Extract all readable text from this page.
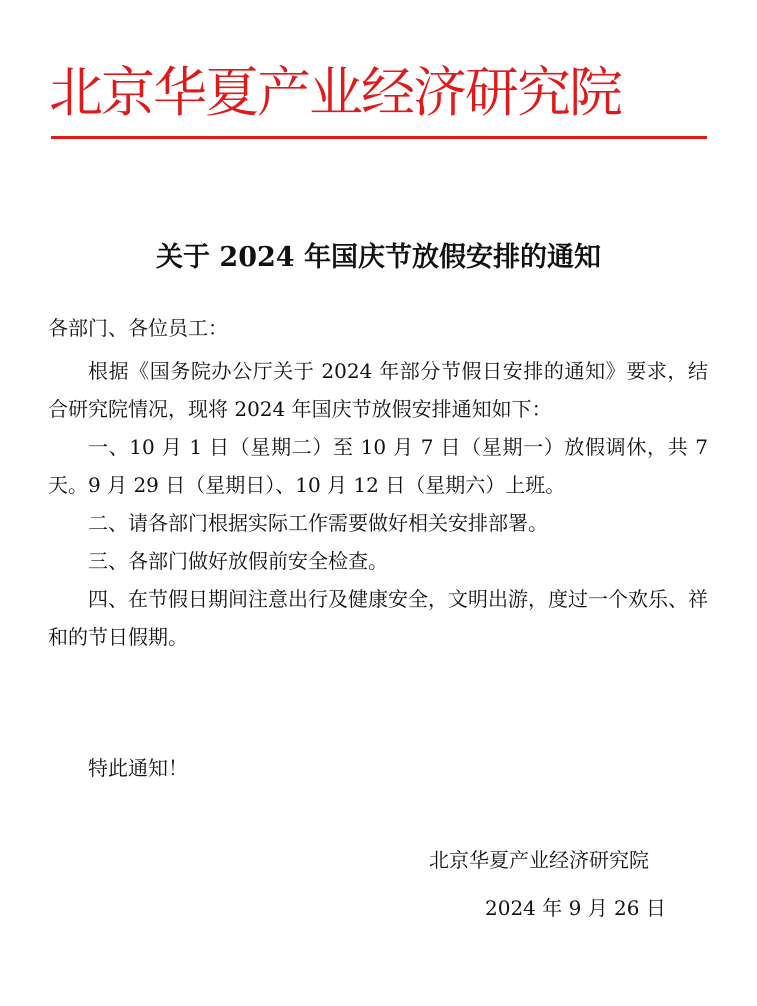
北京华夏产业经济研究院
关于 2024 年国庆节放假安排的通知
各部门、各位员工：

根据《国务院办公厅关于 2024 年部分节假日安排的通知》要求，结合研究院情况，现将 2024 年国庆节放假安排通知如下：

一、10 月 1 日（星期二）至 10 月 7 日（星期一）放假调休，共 7 天。9 月 29 日（星期日）、10 月 12 日（星期六）上班。

二、请各部门根据实际工作需要做好相关安排部署。

三、各部门做好放假前安全检查。

四、在节假日期间注意出行及健康安全，文明出游，度过一个欢乐、祥和的节日假期。

特此通知！
北京华夏产业经济研究院
2024 年 9 月 26 日
